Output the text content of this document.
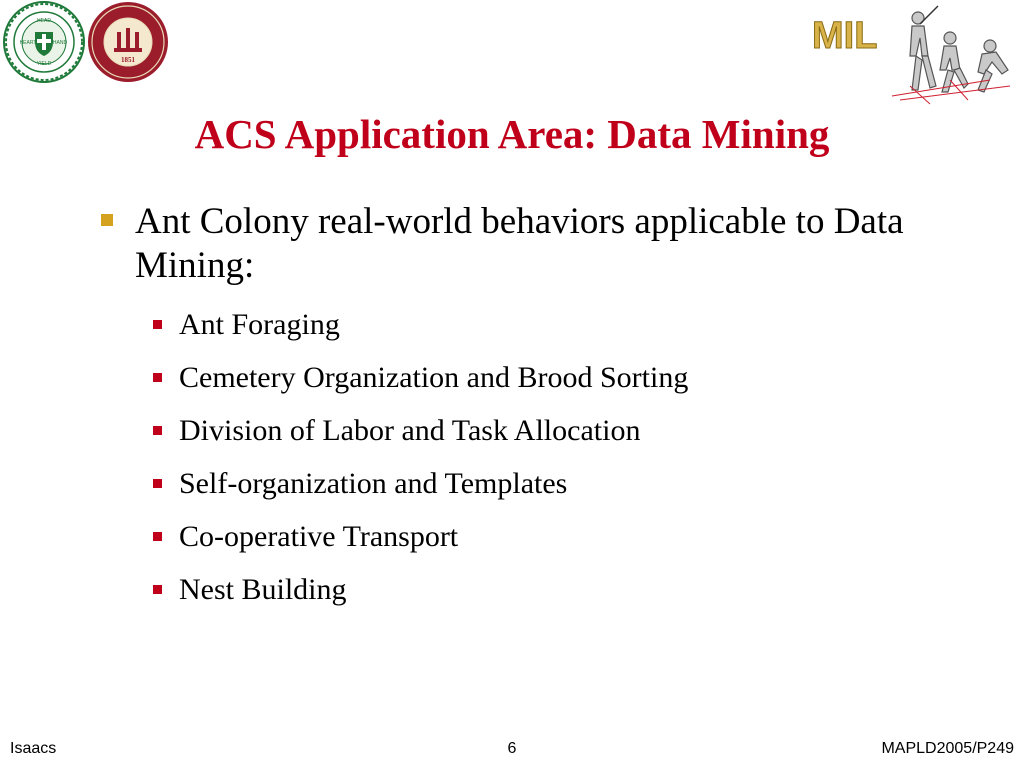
HEAD
HAND
HEART
YIELD	1851
MIL
ACS Application Area: Data Mining
Ant Colony real-world behaviors applicable to Data Mining:
Ant Foraging
Cemetery Organization and Brood Sorting
Division of Labor and Task Allocation
Self-organization and Templates
Co-operative Transport
Nest Building
Isaacs	6	MAPLD2005/P249
